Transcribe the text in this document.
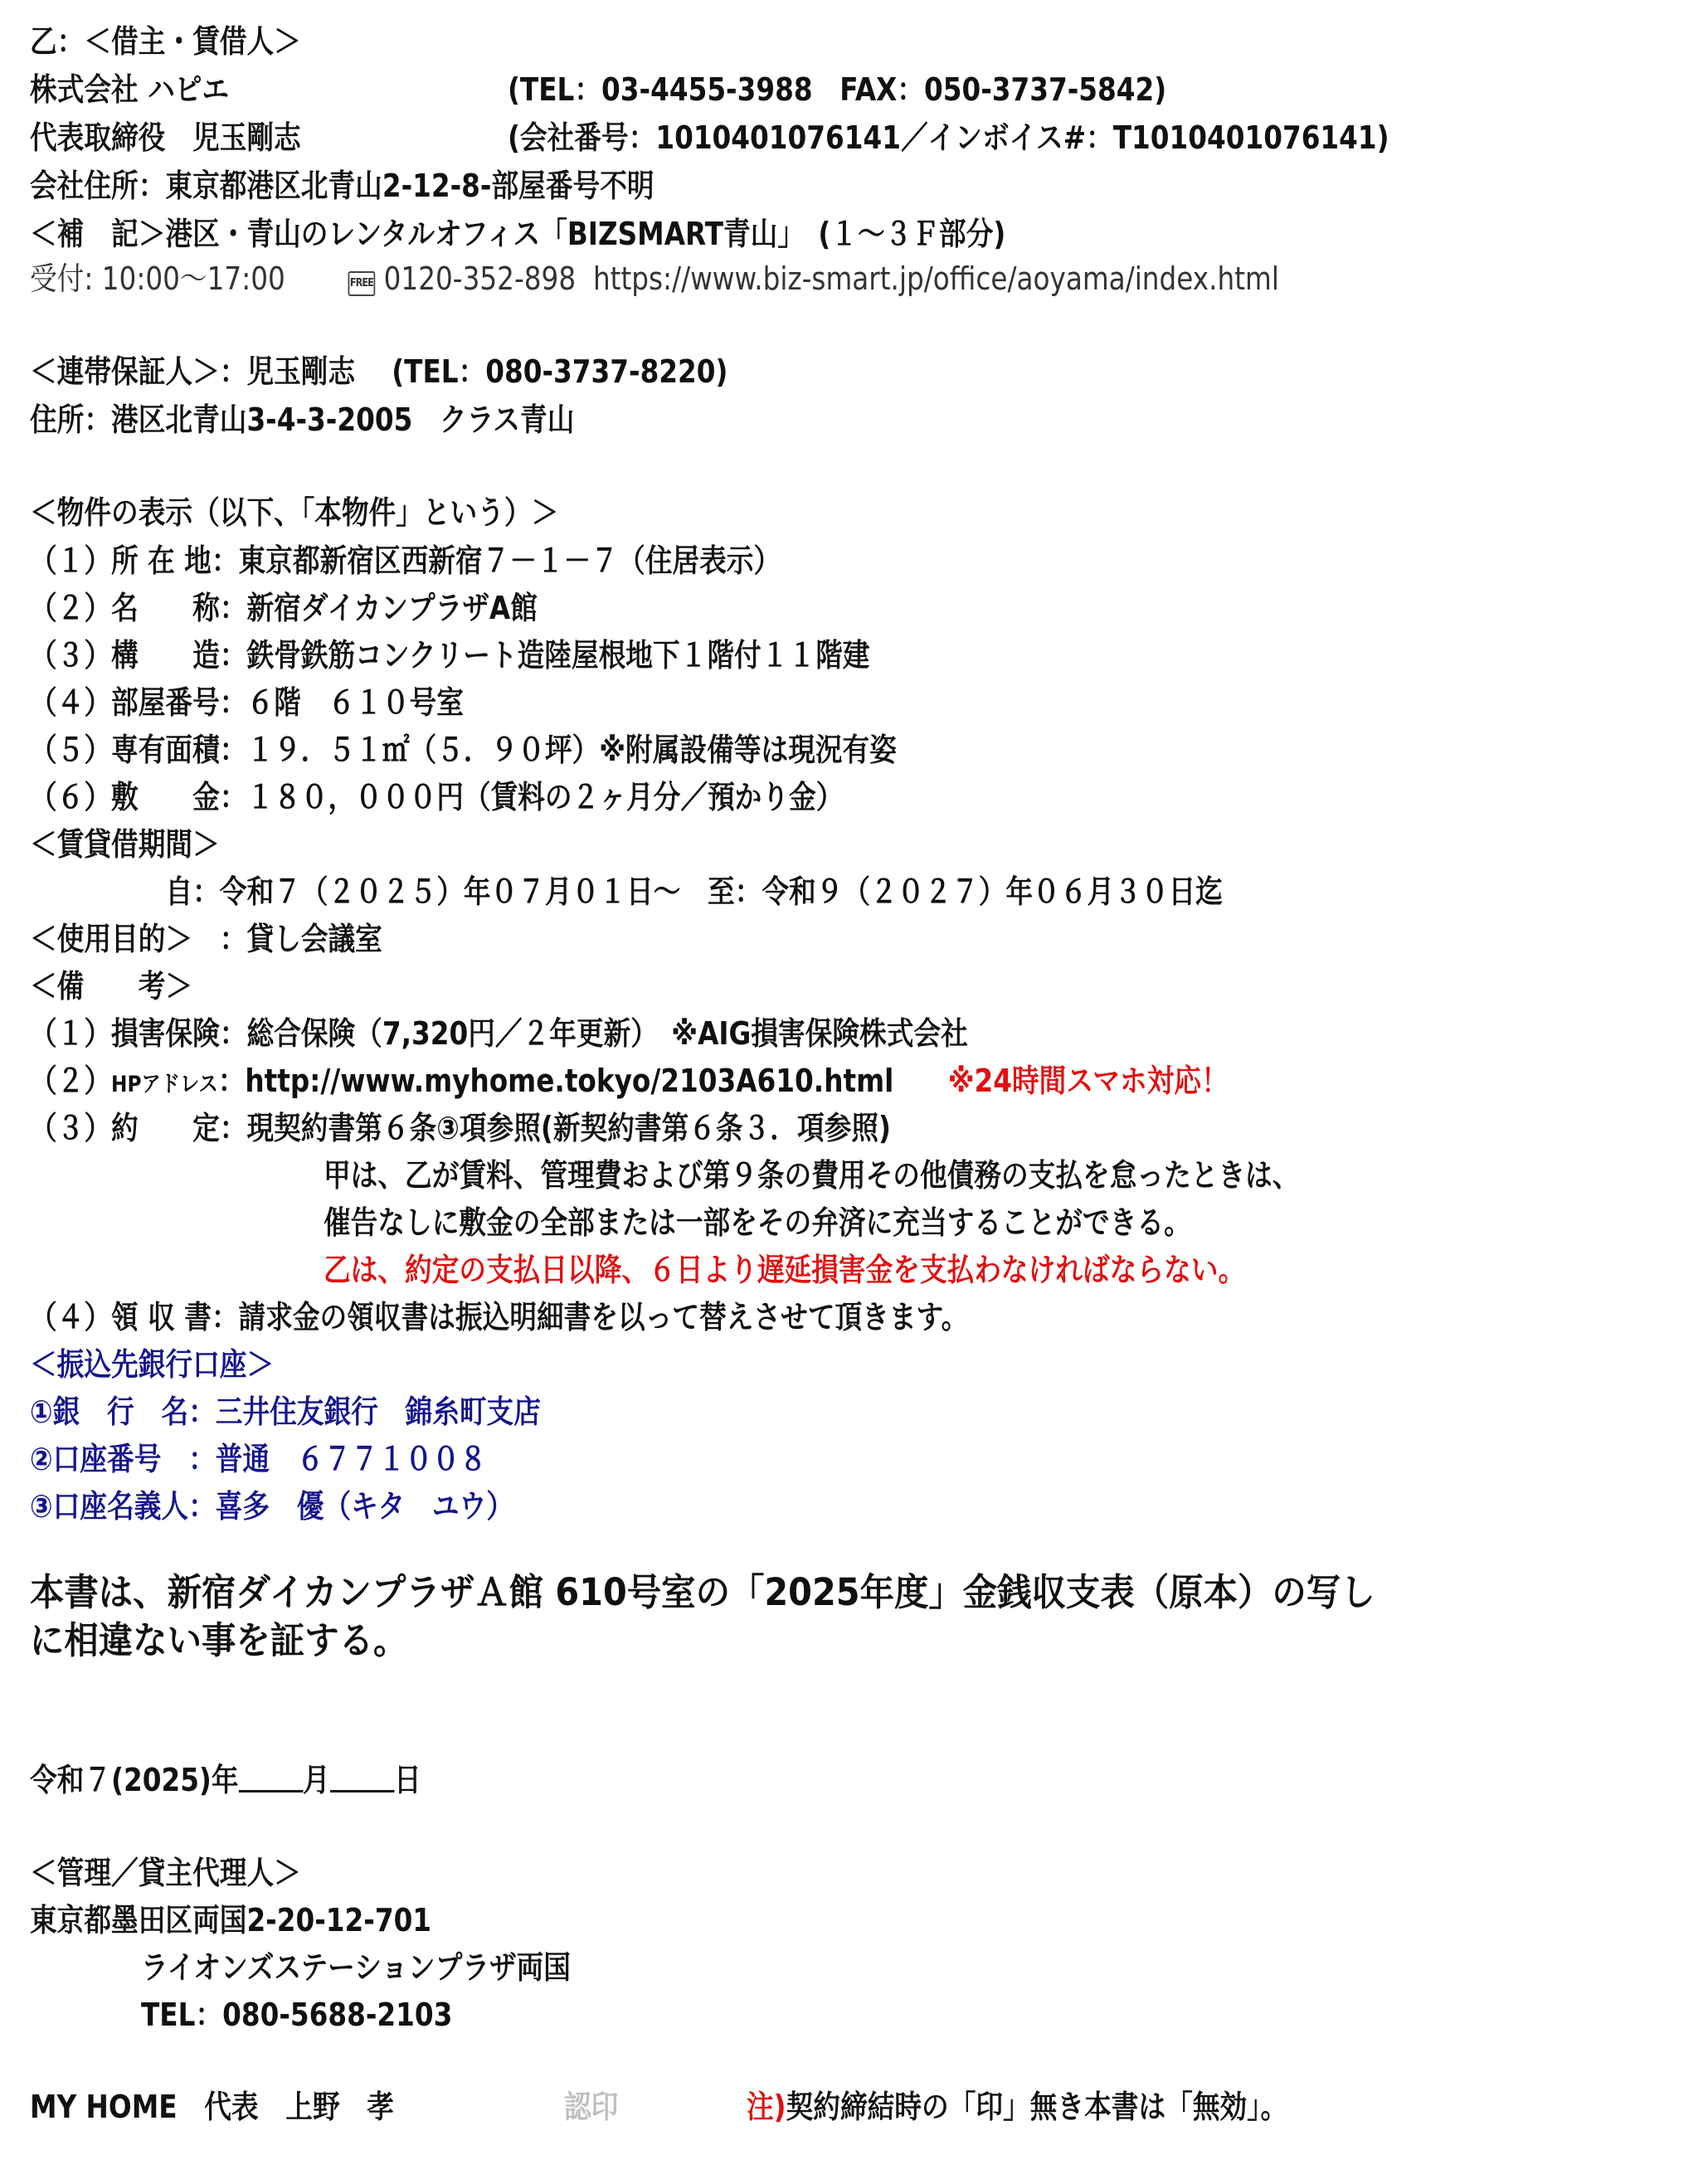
乙：＜借主・賃借人＞
株式会社 ハピエ	(TEL：03-4455-3988　FAX：050-3737-5842)
代表取締役　児玉剛志	(会社番号：1010401076141／インボイス#：T1010401076141)
会社住所：東京都港区北青山2-12-8-部屋番号不明
＜補　記＞港区・青山のレンタルオフィス「BIZSMART青山」　(１～３Ｆ部分)
受付: 10:00～17:00　　	FREE 0120-352-898 https://www.biz-smart.jp/office/aoyama/index.html
＜連帯保証人＞：児玉剛志　 (TEL：080-3737-8220)
住所：港区北青山3-4-3-2005　クラス青山
＜物件の表示（以下、「本物件」という）＞
（１）所 在 地：東京都新宿区西新宿７－１－７（住居表示）
（２）名　　称：新宿ダイカンプラザA館
（３）構　　造：鉄骨鉄筋コンクリート造陸屋根地下１階付１１階建
（４）部屋番号：６階　６１０号室
（５）専有面積：１９．５１㎡（５．９０坪）※附属設備等は現況有姿
（６）敷　　金：１８０，０００円（賃料の２ヶ月分／預かり金）
＜賃貸借期間＞
　　　　　自：令和７（２０２５）年０７月０１日～　至：令和９（２０２７）年０６月３０日迄
＜使用目的＞　：貸し会議室
＜備　　考＞
（１）損害保険：総合保険（7,320円／２年更新）　※AIG損害保険株式会社
（２）HPアドレス：http://www.myhome.tokyo/2103A610.html　　 ※24時間スマホ対応！
（３）約　　定：現契約書第６条③項参照(新契約書第６条３．項参照)
甲は、乙が賃料、管理費および第９条の費用その他債務の支払を怠ったときは、
催告なしに敷金の全部または一部をその弁済に充当することができる。
乙は、約定の支払日以降、６日より遅延損害金を支払わなければならない。
（４）領 収 書：請求金の領収書は振込明細書を以って替えさせて頂きます。
＜振込先銀行口座＞
①銀　行　名：三井住友銀行　錦糸町支店
②口座番号　：普通　６７７１００８
③口座名義人：喜多　優（キタ　ユウ）
本書は、新宿ダイカンプラザＡ館 610号室の「2025年度」金銭収支表（原本）の写し
に相違ない事を証する。
令和７(2025)年 月 日
＜管理／貸主代理人＞
東京都墨田区両国2-20-12-701
ライオンズステーションプラザ両国
TEL：080-5688-2103
MY HOME　代表　上野　孝	認印	注)契約締結時の「印」無き本書は「無効」。
